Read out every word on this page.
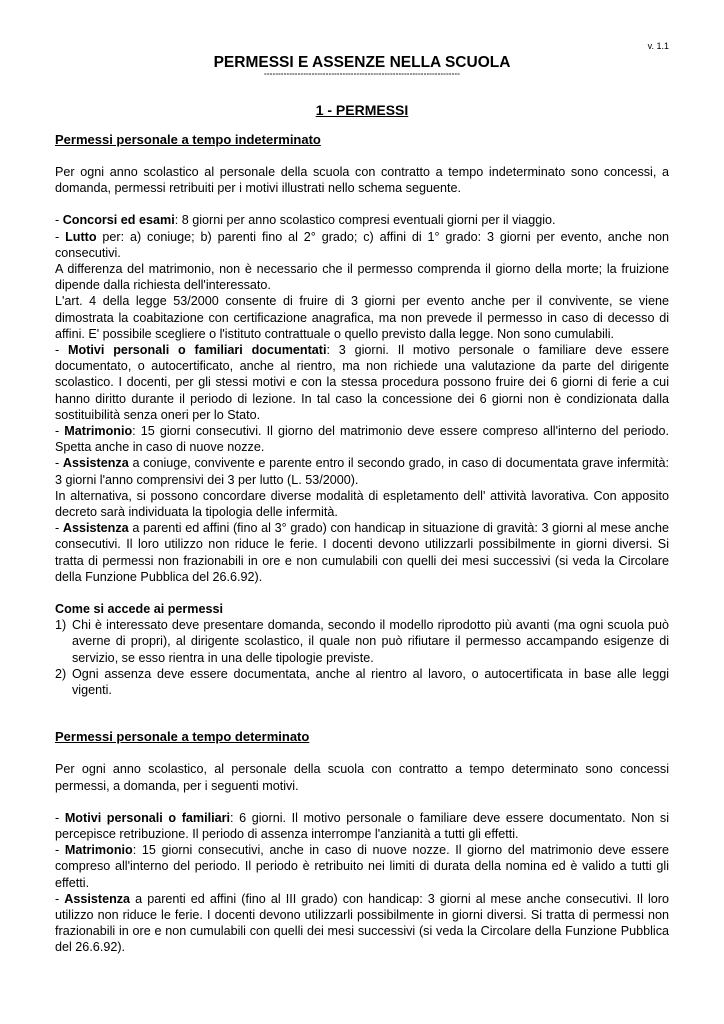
v. 1.1
PERMESSI E ASSENZE NELLA SCUOLA
°°°°°°°°°°°°°°°°°°°°°°°°°°°°°°°°°°°°°°°°°°°°°°°°°°°°°°°°°°°°°°°°°°°°°°
1 - PERMESSI
Permessi personale a tempo indeterminato

Per ogni anno scolastico al personale della scuola con contratto a tempo indeterminato sono concessi, a domanda, permessi retribuiti per i motivi illustrati nello schema seguente.

- Concorsi ed esami: 8 giorni per anno scolastico compresi eventuali giorni per il viaggio.

- Lutto per: a) coniuge; b) parenti fino al 2° grado; c) affini di 1° grado: 3 giorni per evento, anche non consecutivi.

A differenza del matrimonio, non è necessario che il permesso comprenda il giorno della morte; la fruizione dipende dalla richiesta dell'interessato.

L'art. 4 della legge 53/2000 consente di fruire di 3 giorni per evento anche per il convivente, se viene dimostrata la coabitazione con certificazione anagrafica, ma non prevede il permesso in caso di decesso di affini. E' possibile scegliere o l'istituto contrattuale o quello previsto dalla legge. Non sono cumulabili.

- Motivi personali o familiari documentati: 3 giorni. Il motivo personale o familiare deve essere documentato, o autocertificato, anche al rientro, ma non richiede una valutazione da parte del dirigente scolastico. I docenti, per gli stessi motivi e con la stessa procedura possono fruire dei 6 giorni di ferie a cui hanno diritto durante il periodo di lezione. In tal caso la concessione dei 6 giorni non è condizionata dalla sostituibilità senza oneri per lo Stato.

- Matrimonio: 15 giorni consecutivi. Il giorno del matrimonio deve essere compreso all'interno del periodo. Spetta anche in caso di nuove nozze.

- Assistenza a coniuge, convivente e parente entro il secondo grado, in caso di documentata grave infermità: 3 giorni l'anno comprensivi dei 3 per lutto (L. 53/2000).

In alternativa, si possono concordare diverse modalità di espletamento dell' attività lavorativa. Con apposito decreto sarà individuata la tipologia delle infermità.

- Assistenza a parenti ed affini (fino al 3° grado) con handicap in situazione di gravità: 3 giorni al mese anche consecutivi. Il loro utilizzo non riduce le ferie. I docenti devono utilizzarli possibilmente in giorni diversi. Si tratta di permessi non frazionabili in ore e non cumulabili con quelli dei mesi successivi (si veda la Circolare della Funzione Pubblica del 26.6.92).

Come si accede ai permessi
1) Chi è interessato deve presentare domanda, secondo il modello riprodotto più avanti (ma ogni scuola può averne di propri), al dirigente scolastico, il quale non può rifiutare il permesso accampando esigenze di servizio, se esso rientra in una delle tipologie previste.
2) Ogni assenza deve essere documentata, anche al rientro al lavoro, o autocertificata in base alle leggi vigenti.
Permessi personale a tempo determinato

Per ogni anno scolastico, al personale della scuola con contratto a tempo determinato sono concessi permessi, a domanda, per i seguenti motivi.

- Motivi personali o familiari: 6 giorni. Il motivo personale o familiare deve essere documentato. Non si percepisce retribuzione. Il periodo di assenza interrompe l'anzianità a tutti gli effetti.

- Matrimonio: 15 giorni consecutivi, anche in caso di nuove nozze. Il giorno del matrimonio deve essere compreso all'interno del periodo. Il periodo è retribuito nei limiti di durata della nomina ed è valido a tutti gli effetti.

- Assistenza a parenti ed affini (fino al III grado) con handicap: 3 giorni al mese anche consecutivi. Il loro utilizzo non riduce le ferie. I docenti devono utilizzarli possibilmente in giorni diversi. Si tratta di permessi non frazionabili in ore e non cumulabili con quelli dei mesi successivi (si veda la Circolare della Funzione Pubblica del 26.6.92).
